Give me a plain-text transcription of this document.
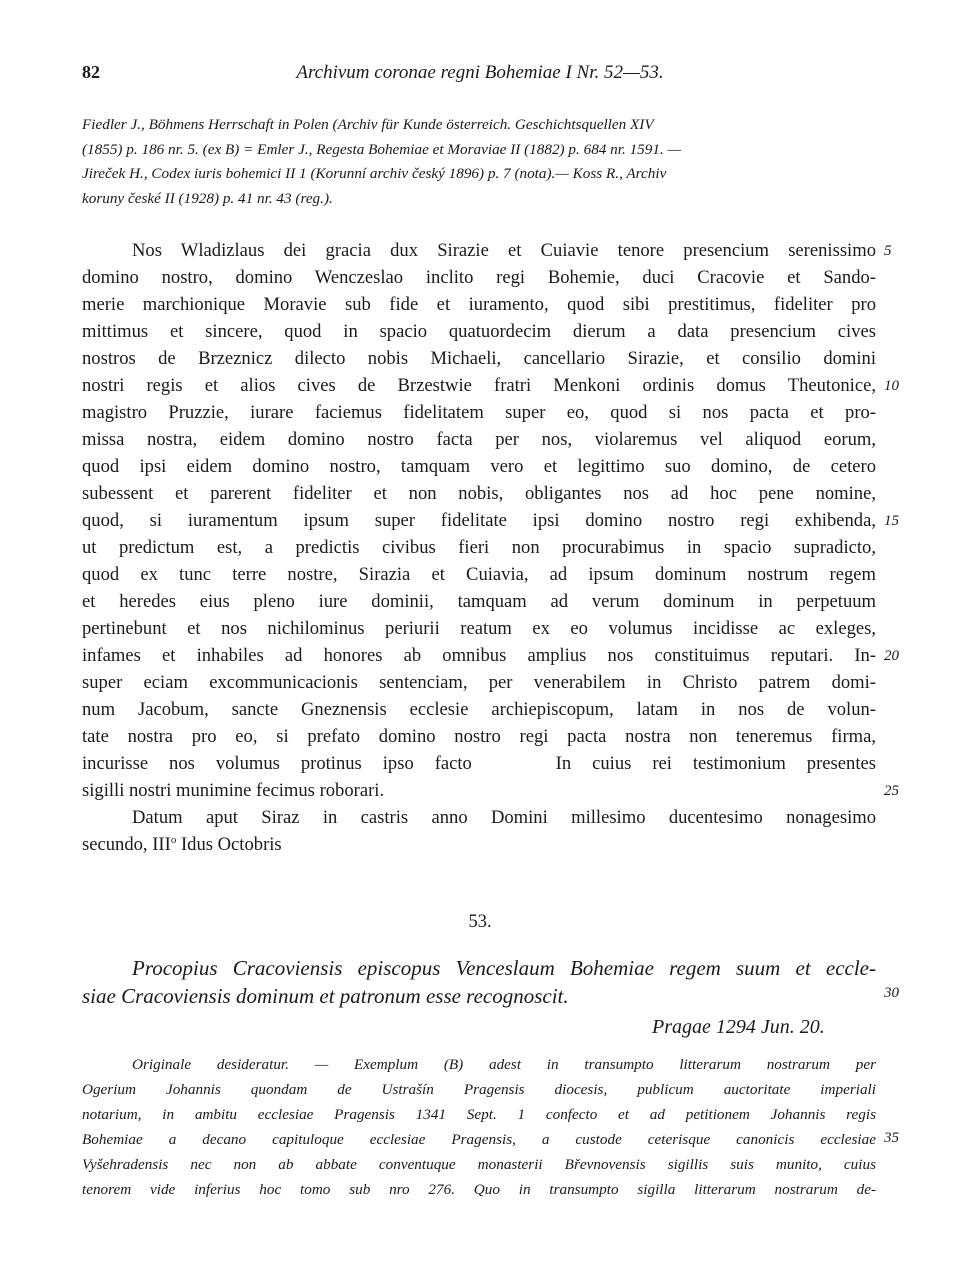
82	Archivum coronae regni Bohemiae I Nr. 52—53.
Fiedler J., Böhmens Herrschaft in Polen (Archiv für Kunde österreich. Geschichtsquellen XIV
(1855) p. 186 nr. 5. (ex B) = Emler J., Regesta Bohemiae et Moraviae II (1882) p. 684 nr. 1591. —
Jireček H., Codex iuris bohemici II 1 (Korunní archiv český 1896) p. 7 (nota).— Koss R., Archiv
koruny české II (1928) p. 41 nr. 43 (reg.).
Nos Wladizlaus dei gracia dux Sirazie et Cuiavie tenore presencium serenissimo
domino nostro, domino Wenczeslao inclito regi Bohemie, duci Cracovie et Sando-
merie marchionique Moravie sub fide et iuramento, quod sibi prestitimus, fideliter pro
mittimus et sincere, quod in spacio quatuordecim dierum a data presencium cives
nostros de Brzeznicz dilecto nobis Michaeli, cancellario Sirazie, et consilio domini
nostri regis et alios cives de Brzestwie fratri Menkoni ordinis domus Theutonice,
magistro Pruzzie, iurare faciemus fidelitatem super eo, quod si nos pacta et pro-
missa nostra, eidem domino nostro facta per nos, violaremus vel aliquod eorum,
quod ipsi eidem domino nostro, tamquam vero et legittimo suo domino, de cetero
subessent et parerent fideliter et non nobis, obligantes nos ad hoc pene nomine,
quod, si iuramentum ipsum super fidelitate ipsi domino nostro regi exhibenda,
ut predictum est, a predictis civibus fieri non procurabimus in spacio supradicto,
quod ex tunc terre nostre, Sirazia et Cuiavia, ad ipsum dominum nostrum regem
et heredes eius pleno iure dominii, tamquam ad verum dominum in perpetuum
pertinebunt et nos nichilominus periurii reatum ex eo volumus incidisse ac exleges,
infames et inhabiles ad honores ab omnibus amplius nos constituimus reputari. In-
super eciam excommunicacionis sentenciam, per venerabilem in Christo patrem domi-
num Jacobum, sancte Gneznensis ecclesie archiepiscopum, latam in nos de volun-
tate nostra pro eo, si prefato domino nostro regi pacta nostra non teneremus firma,
incurisse nos volumus protinus ipso facto    In cuius rei testimonium presentes
sigilli nostri munimine fecimus roborari.
Datum aput Siraz in castris anno Domini millesimo ducentesimo nonagesimo
secundo, III$^o$ Idus Octobris
5
10
15
20
25
30
35
53.
Procopius Cracoviensis episcopus Venceslaum Bohemiae regem suum et eccle-
siae Cracoviensis dominum et patronum esse recognoscit.
Pragae 1294 Jun. 20.
Originale desideratur. — Exemplum (B) adest in transumpto litterarum nostrarum per
Ogerium Johannis quondam de Ustrašín Pragensis diocesis, publicum auctoritate imperiali
notarium, in ambitu ecclesiae Pragensis 1341 Sept. 1 confecto et ad petitionem Johannis regis
Bohemiae a decano capituloque ecclesiae Pragensis, a custode ceterisque canonicis ecclesiae
Vyšehradensis nec non ab abbate conventuque monasterii Břevnovensis sigillis suis munito, cuius
tenorem vide inferius hoc tomo sub nro 276. Quo in transumpto sigilla litterarum nostrarum de-
